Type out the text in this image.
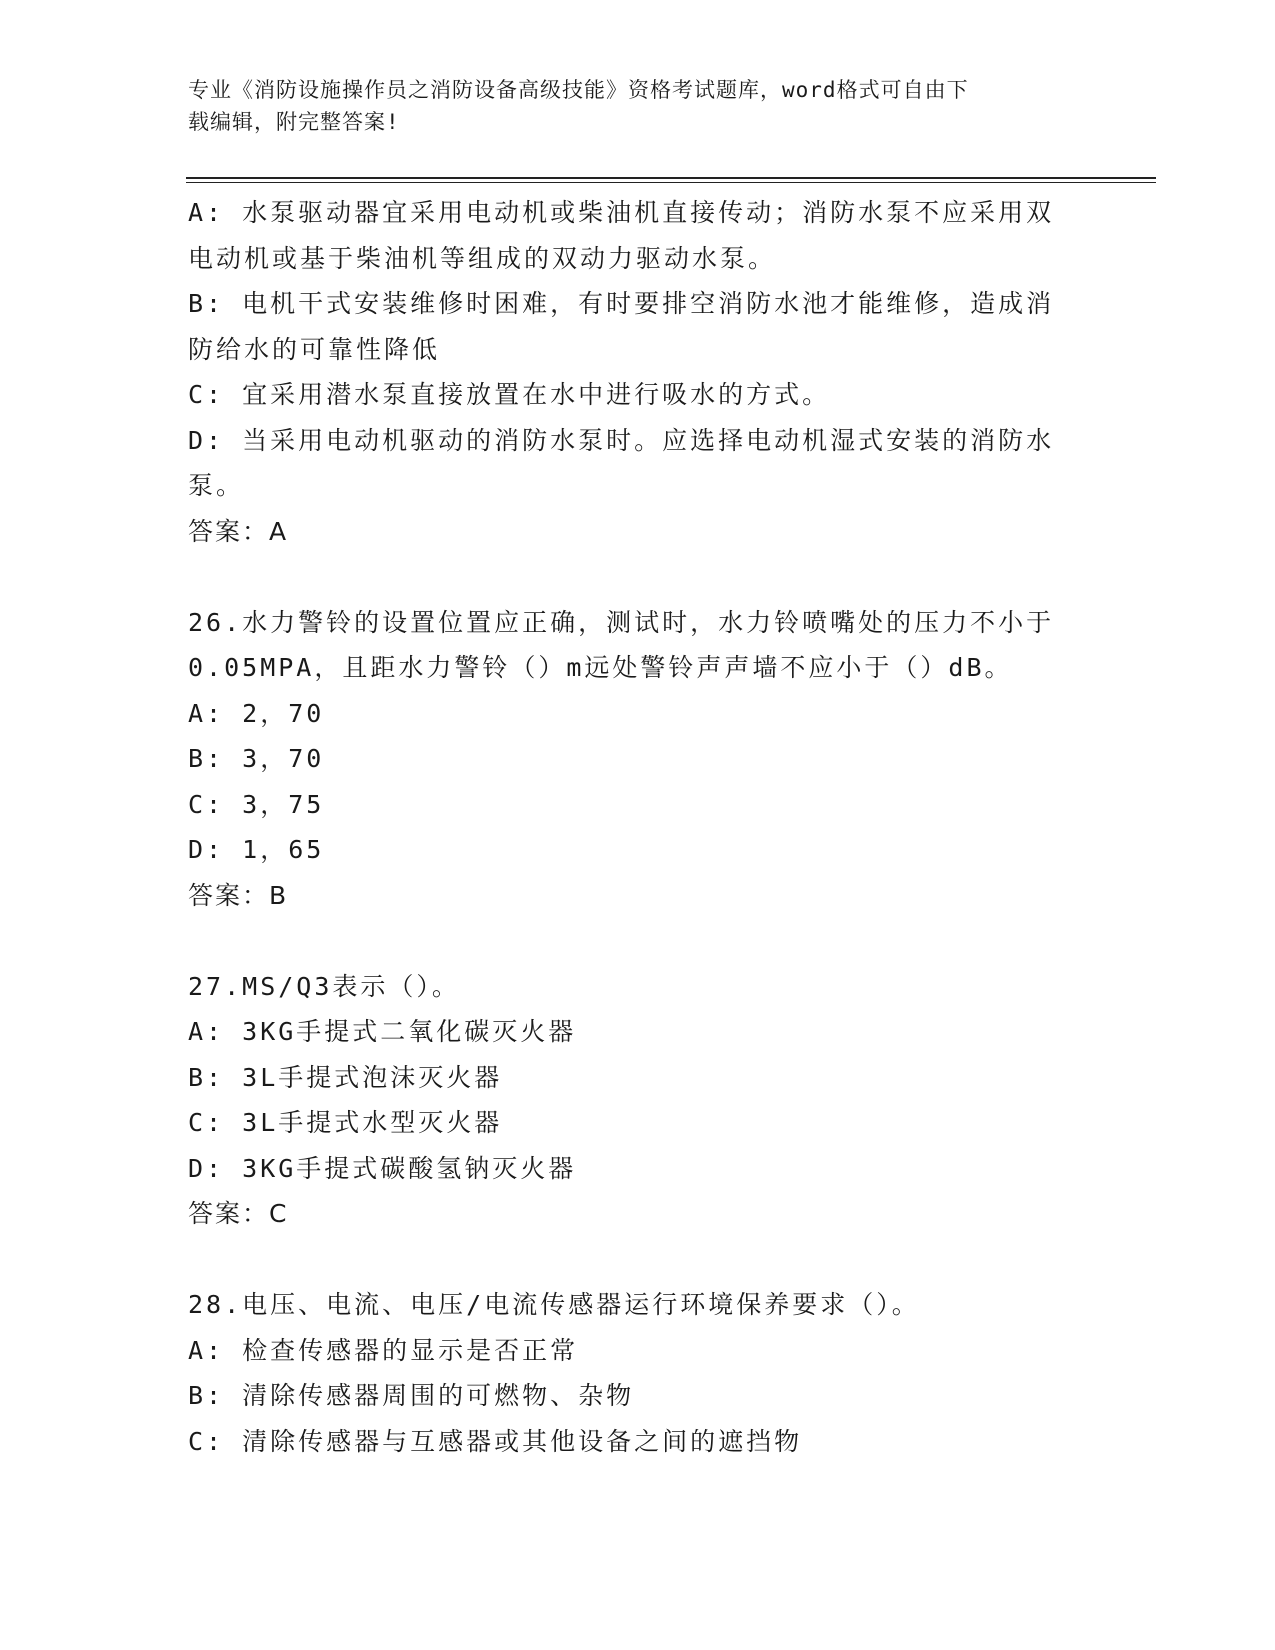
专业《消防设施操作员之消防设备高级技能》资格考试题库，word格式可自由下
载编辑，附完整答案!

A: 水泵驱动器宜采用电动机或柴油机直接传动；消防水泵不应采用双

电动机或基于柴油机等组成的双动力驱动水泵。

B: 电机干式安装维修时困难，有时要排空消防水池才能维修，造成消

防给水的可靠性降低

C: 宜采用潜水泵直接放置在水中进行吸水的方式。

D: 当采用电动机驱动的消防水泵时。应选择电动机湿式安装的消防水

泵。

答案：A

26.水力警铃的设置位置应正确，测试时，水力铃喷嘴处的压力不小于

0.05MPA，且距水力警铃（）m远处警铃声声墙不应小于（）dB。

A: 2，70

B: 3，70

C: 3，75

D: 1，65

答案：B

27.MS/Q3表示（）。

A: 3KG手提式二氧化碳灭火器

B: 3L手提式泡沫灭火器

C: 3L手提式水型灭火器

D: 3KG手提式碳酸氢钠灭火器

答案：C

28.电压、电流、电压/电流传感器运行环境保养要求（）。

A: 检查传感器的显示是否正常

B: 清除传感器周围的可燃物、杂物

C: 清除传感器与互感器或其他设备之间的遮挡物
